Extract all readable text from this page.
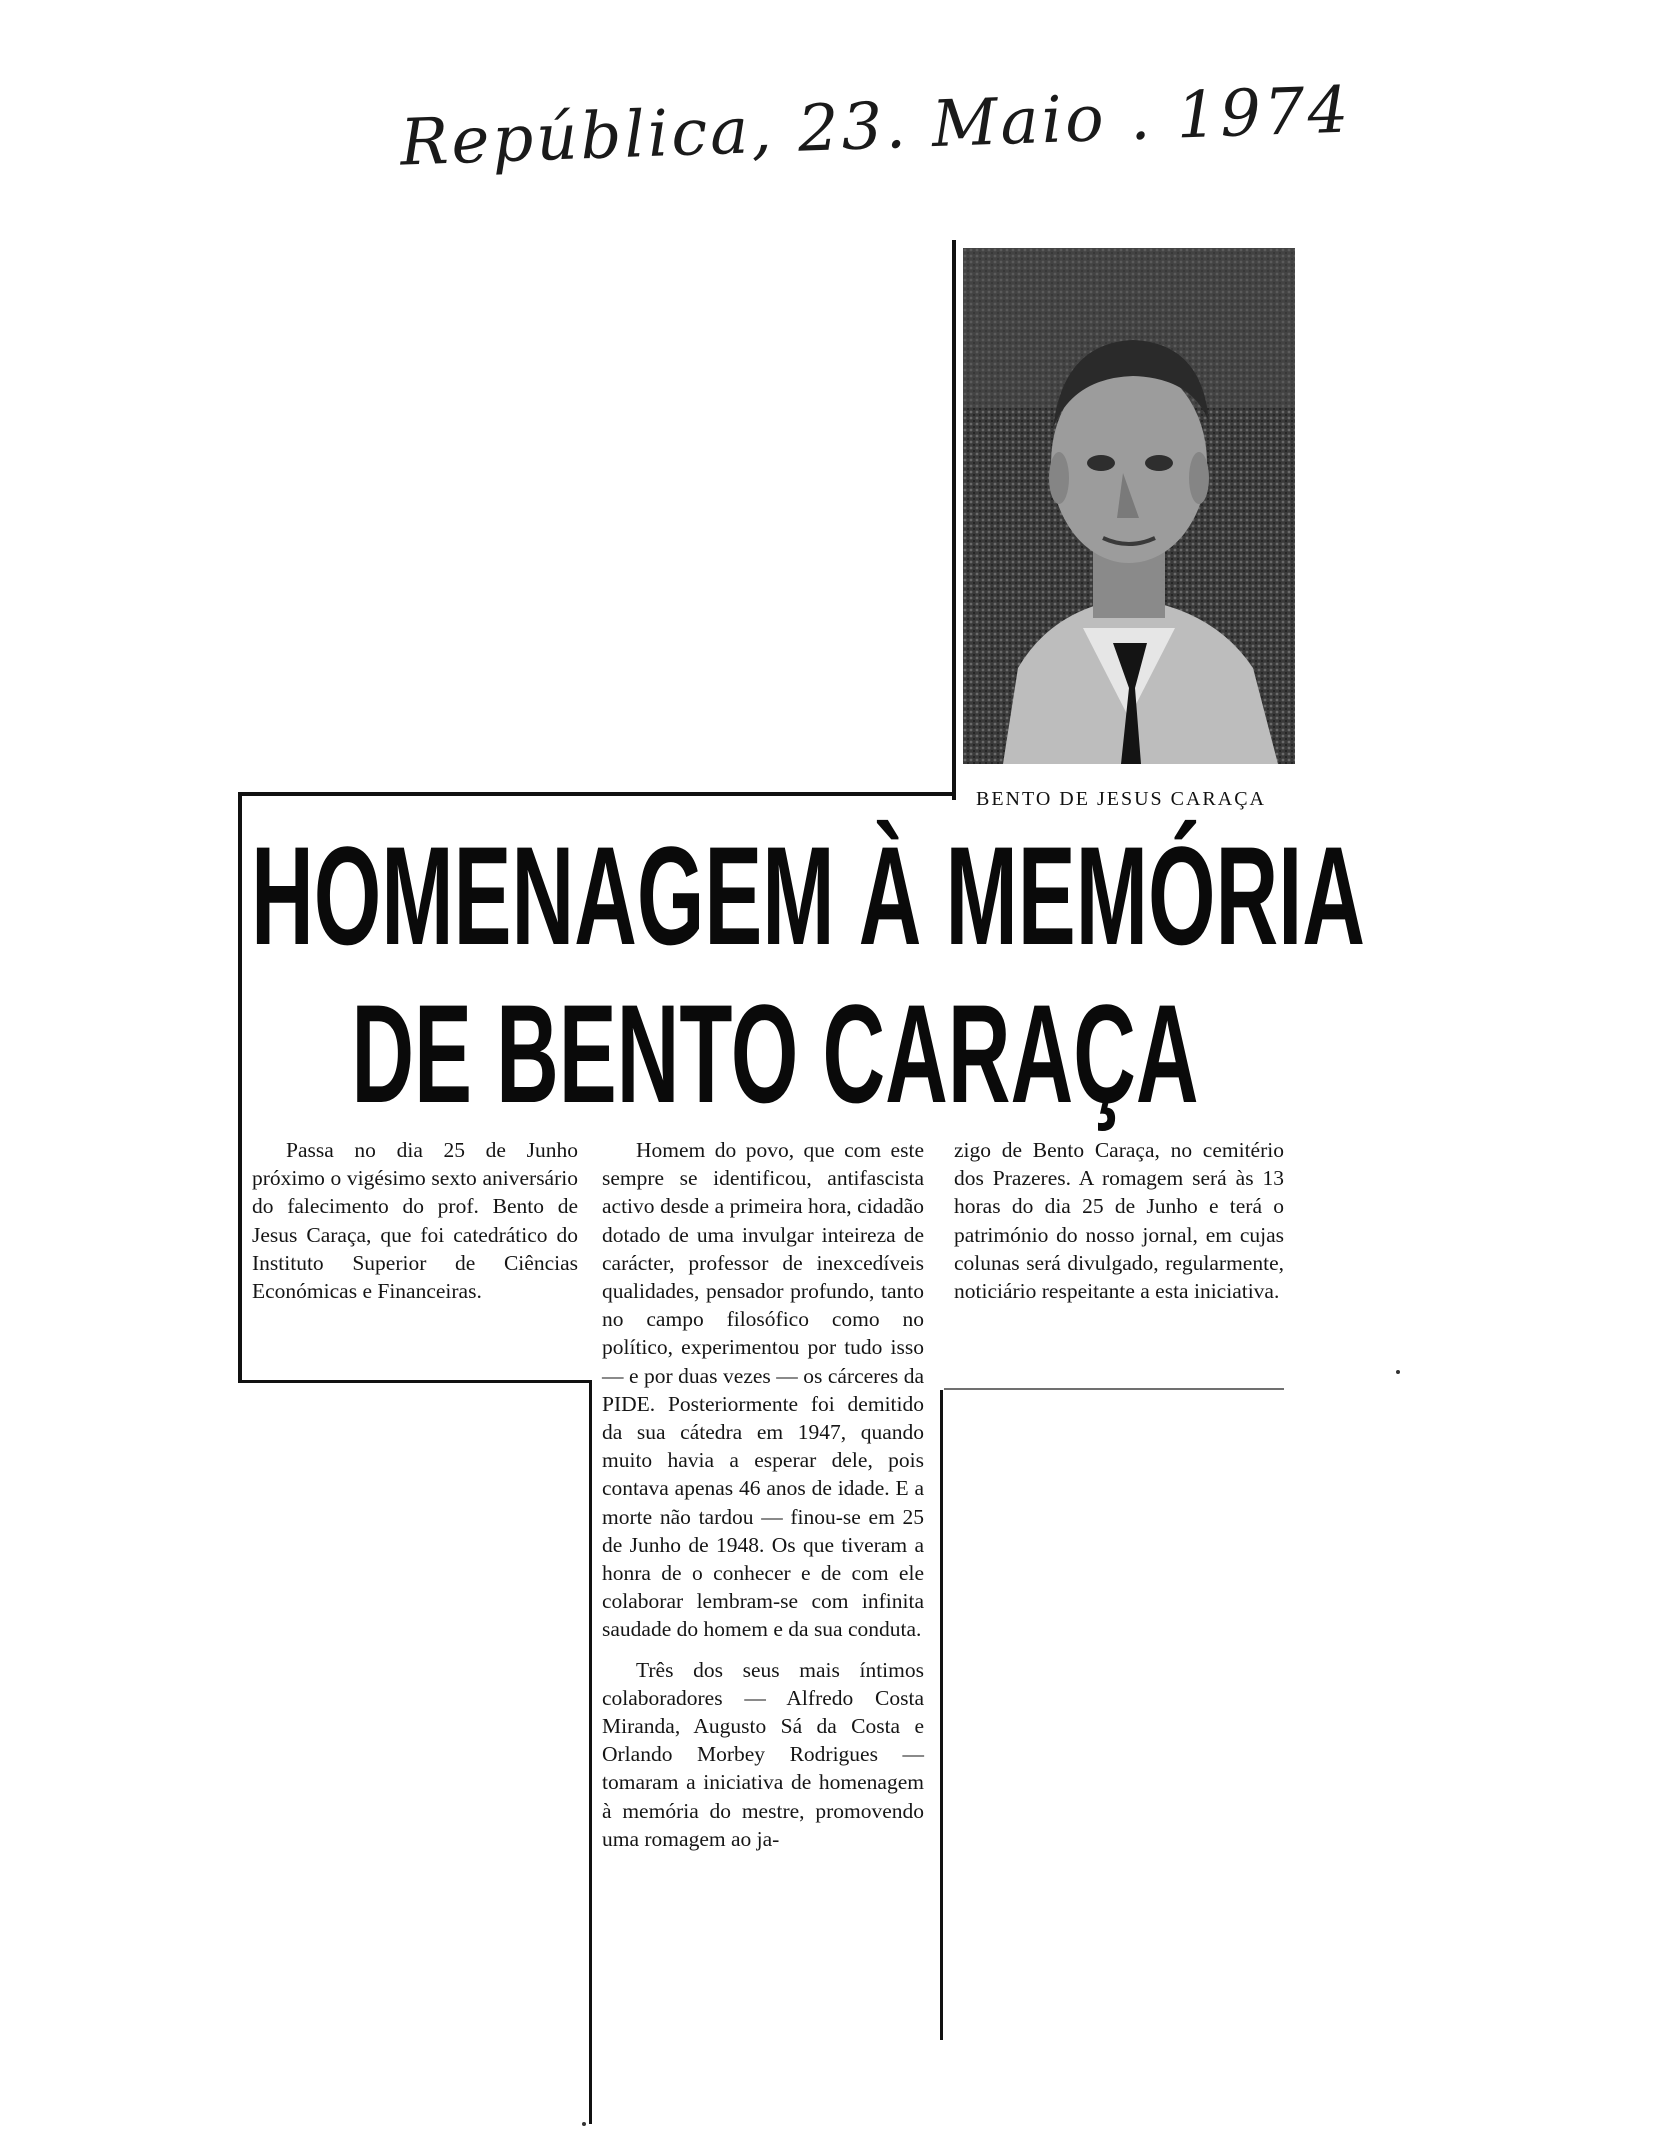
República, 23. Maio . 1974
BENTO DE JESUS CARAÇA
HOMENAGEM À MEMÓRIA
DE BENTO CARAÇA

Passa no dia 25 de Junho próximo o vigésimo sexto aniversário do falecimento do prof. Bento de Jesus Caraça, que foi catedrático do Instituto Superior de Ciências Económicas e Financeiras.

Homem do povo, que com este sempre se identificou, antifascista activo desde a primeira hora, cidadão dotado de uma invulgar inteireza de carácter, professor de inexcedíveis qualidades, pensador profundo, tanto no campo filosófico como no político, experimentou por tudo isso — e por duas vezes — os cárceres da PIDE. Posteriormente foi demitido da sua cátedra em 1947, quando muito havia a esperar dele, pois contava apenas 46 anos de idade. E a morte não tardou — finou-se em 25 de Junho de 1948. Os que tiveram a honra de o conhecer e de com ele colaborar lembram-se com infinita saudade do homem e da sua conduta.

Três dos seus mais íntimos colaboradores — Alfredo Costa Miranda, Augusto Sá da Costa e Orlando Morbey Rodrigues — tomaram a iniciativa de homenagem à memória do mestre, promovendo uma romagem ao ja-

zigo de Bento Caraça, no cemitério dos Prazeres. A romagem será às 13 horas do dia 25 de Junho e terá o património do nosso jornal, em cujas colunas será divulgado, regularmente, noticiário respeitante a esta iniciativa.
